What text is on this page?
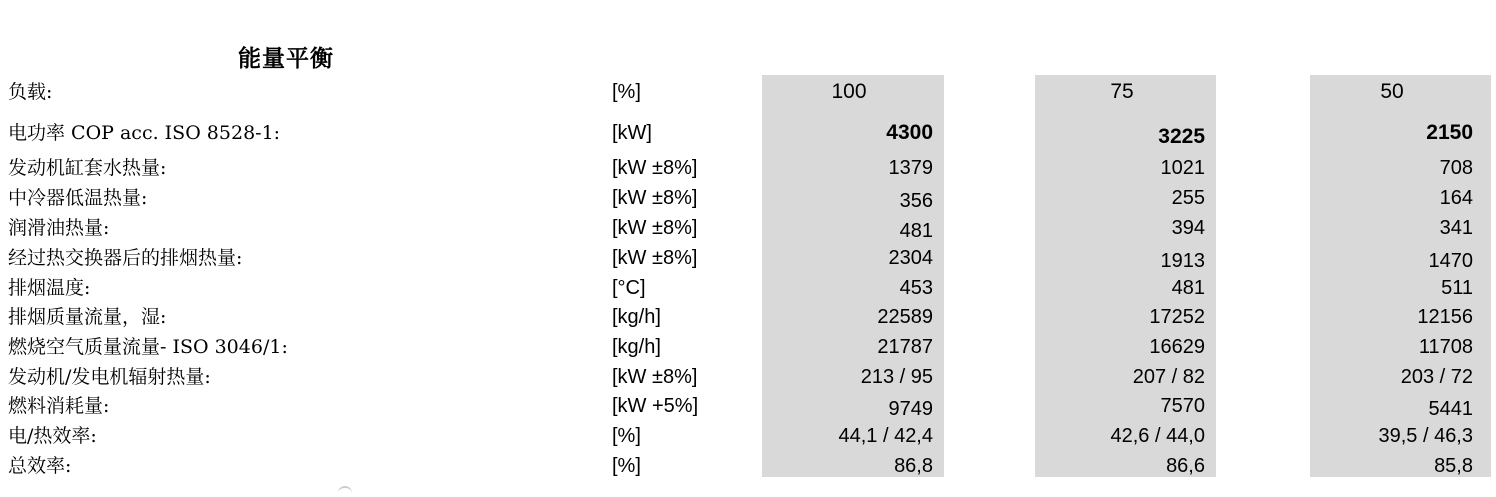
能量平衡
负载:	[%]	100	75	50
电功率 COP acc. ISO 8528-1:	[kW]	4300	3225	2150
发动机缸套水热量:	[kW ±8%]	1379	1021	708
中冷器低温热量:	[kW ±8%]	356	255	164
润滑油热量:	[kW ±8%]	481	394	341
经过热交换器后的排烟热量:	[kW ±8%]	2304	1913	1470
排烟温度:	[°C]	453	481	511
排烟质量流量，湿:	[kg/h]	22589	17252	12156
燃烧空气质量流量- ISO 3046/1:	[kg/h]	21787	16629	11708
发动机/发电机辐射热量:	[kW ±8%]	213 / 95	207 / 82	203 / 72
燃料消耗量:	[kW +5%]	9749	7570	5441
电/热效率:	[%]	44,1 / 42,4	42,6 / 44,0	39,5 / 46,3
总效率:	[%]	86,8	86,6	85,8
